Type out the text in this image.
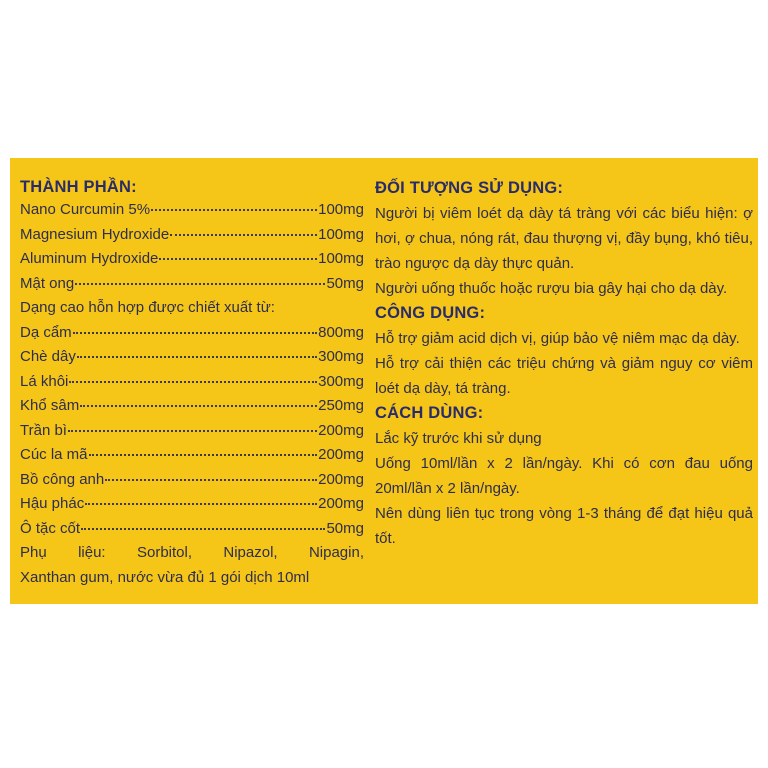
THÀNH PHẦN:
Nano Curcumin 5%	100mg
Magnesium Hydroxide	100mg
Aluminum Hydroxide	100mg
Mật ong	50mg
Dạng cao hỗn hợp được chiết xuất từ:
Dạ cẩm	800mg
Chè dây	300mg
Lá khôi	300mg
Khổ sâm	250mg
Trần bì	200mg
Cúc la mã	200mg
Bồ công anh	200mg
Hậu phác	200mg
Ô tặc cốt	50mg
Phụ liệu: Sorbitol, Nipazol, Nipagin,
Xanthan gum, nước vừa đủ 1 gói dịch 10ml
ĐỐI TƯỢNG SỬ DỤNG:
Người bị viêm loét dạ dày tá tràng với các biểu hiện: ợ hơi, ợ chua, nóng rát, đau thượng vị, đầy bụng, khó tiêu, trào ngược dạ dày thực quản.
Người uống thuốc hoặc rượu bia gây hại cho dạ dày.
CÔNG DỤNG:
Hỗ trợ giảm acid dịch vị, giúp bảo vệ niêm mạc dạ dày.
Hỗ trợ cải thiện các triệu chứng và giảm nguy cơ viêm loét dạ dày, tá tràng.
CÁCH DÙNG:
Lắc kỹ trước khi sử dụng
Uống 10ml/lần x 2 lần/ngày. Khi có cơn đau uống 20ml/lần x 2 lần/ngày.
Nên dùng liên tục trong vòng 1-3 tháng để đạt hiệu quả tốt.
